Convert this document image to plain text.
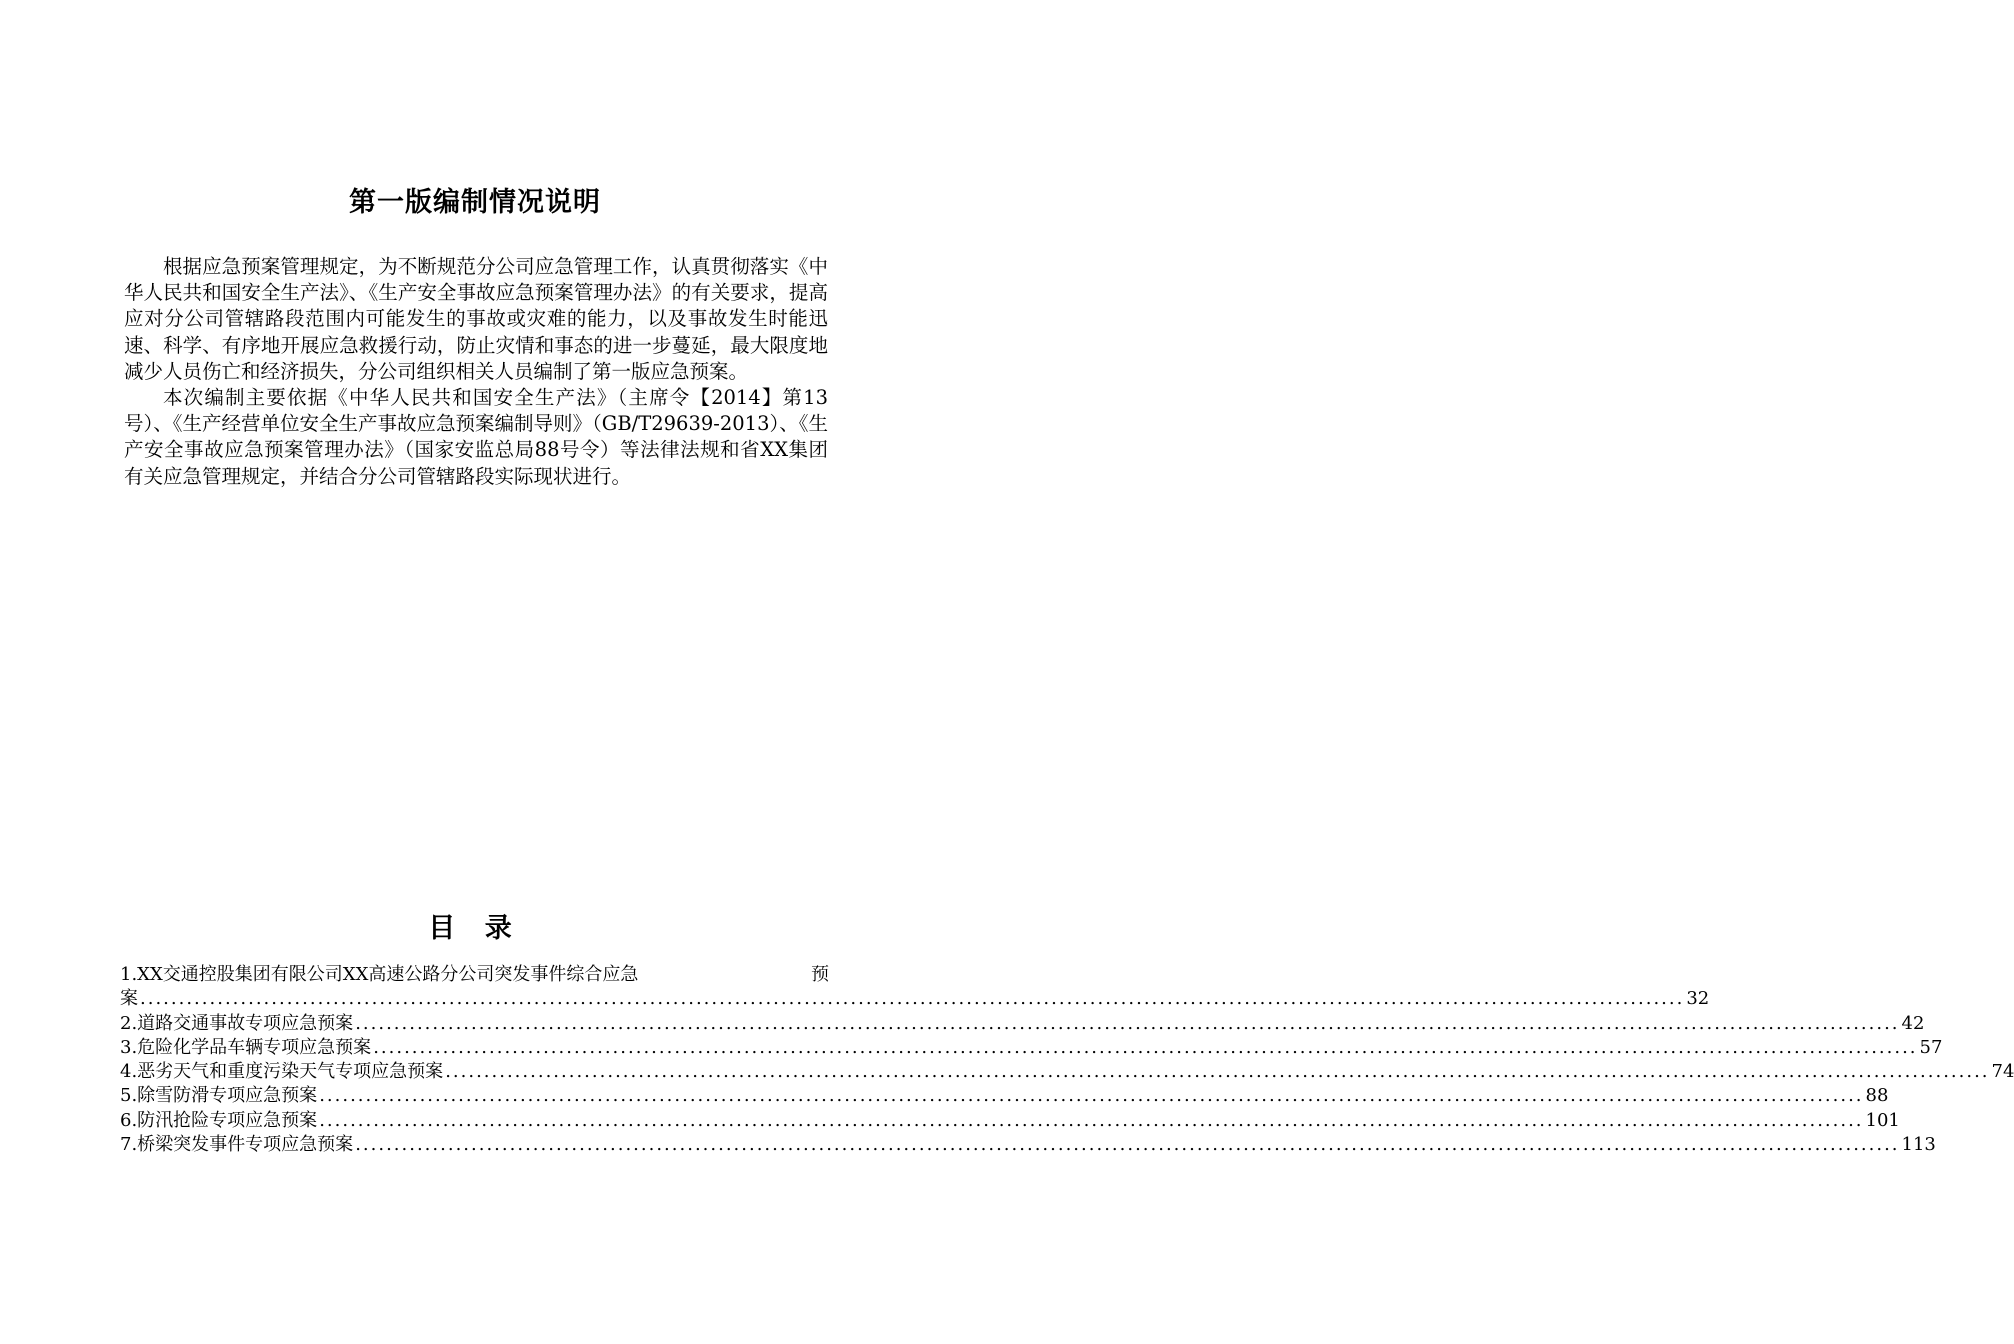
第一版编制情况说明

根据应急预案管理规定，为不断规范分公司应急管理工作，认真贯彻落实《中华人民共和国安全生产法》、《生产安全事故应急预案管理办法》的有关要求，提高应对分公司管辖路段范围内可能发生的事故或灾难的能力，以及事故发生时能迅速、科学、有序地开展应急救援行动，防止灾情和事态的进一步蔓延，最大限度地减少人员伤亡和经济损失，分公司组织相关人员编制了第一版应急预案。

本次编制主要依据《中华人民共和国安全生产法》（主席令【2014】第13号）、《生产经营单位安全生产事故应急预案编制导则》（GB/T29639-2013）、《生产安全事故应急预案管理办法》（国家安监总局88号令）等法律法规和省XX集团有关应急管理规定，并结合分公司管辖路段实际现状进行。

目 录
1.XX交通控股集团有限公司XX高速公路分公司突发事件综合应急	预
案 ........................................................................................................................................................................................................ 32
2.道路交通事故专项应急预案 ........................................................................................................................................................................................................ 42
3.危险化学品车辆专项应急预案 ........................................................................................................................................................................................................ 57
4.恶劣天气和重度污染天气专项应急预案 ........................................................................................................................................................................................................ 74
5.除雪防滑专项应急预案 ........................................................................................................................................................................................................ 88
6.防汛抢险专项应急预案 ........................................................................................................................................................................................................ 101
7.桥梁突发事件专项应急预案 ........................................................................................................................................................................................................ 113
